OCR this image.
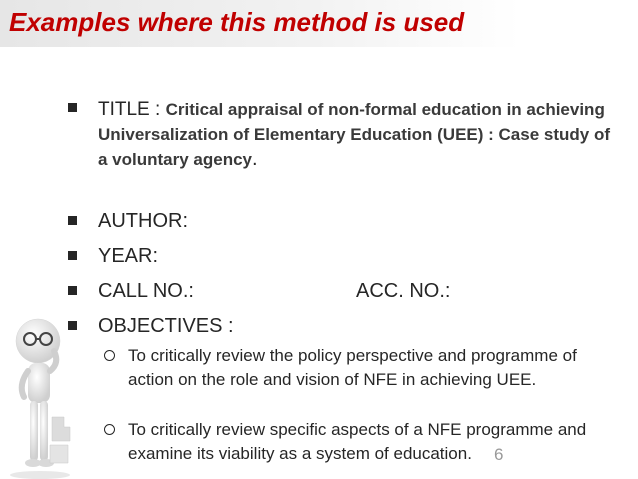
Examples where this method is used
TITLE : Critical appraisal of non-formal education in achieving Universalization of Elementary Education (UEE) : Case study of a voluntary agency.
AUTHOR:
YEAR:
CALL NO.:	ACC. NO.:
OBJECTIVES :
To critically review the policy perspective and programme of action on the role and vision of NFE in achieving UEE.
To critically review specific aspects of a NFE programme and examine its viability as a system of education.	6
